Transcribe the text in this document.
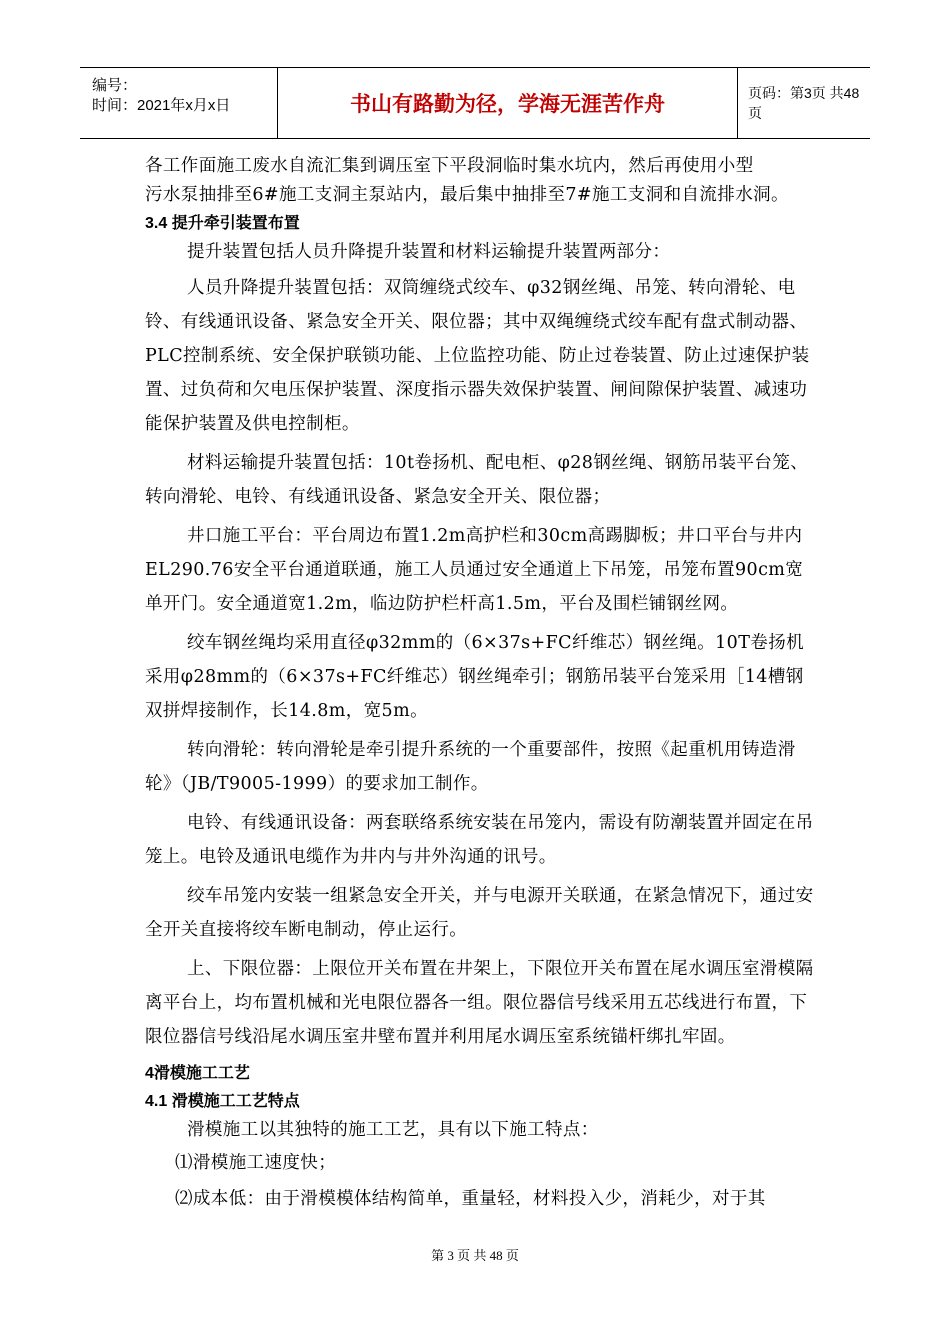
编号：
时间：2021年x月x日	书山有路勤为径，学海无涯苦作舟	页码：第3页 共48页

各工作面施工废水自流汇集到调压室下平段洞临时集水坑内，然后再使用小型

污水泵抽排至6#施工支洞主泵站内，最后集中抽排至7#施工支洞和自流排水洞。

3.4 提升牵引装置布置

提升装置包括人员升降提升装置和材料运输提升装置两部分：

人员升降提升装置包括：双筒缠绕式绞车、φ32钢丝绳、吊笼、转向滑轮、电铃、有线通讯设备、紧急安全开关、限位器；其中双绳缠绕式绞车配有盘式制动器、PLC控制系统、安全保护联锁功能、上位监控功能、防止过卷装置、防止过速保护装置、过负荷和欠电压保护装置、深度指示器失效保护装置、闸间隙保护装置、减速功能保护装置及供电控制柜。

材料运输提升装置包括：10t卷扬机、配电柜、φ28钢丝绳、钢筋吊装平台笼、转向滑轮、电铃、有线通讯设备、紧急安全开关、限位器；

井口施工平台：平台周边布置1.2m高护栏和30cm高踢脚板；井口平台与井内EL290.76安全平台通道联通，施工人员通过安全通道上下吊笼，吊笼布置90cm宽单开门。安全通道宽1.2m，临边防护栏杆高1.5m，平台及围栏铺钢丝网。

绞车钢丝绳均采用直径φ32mm的（6×37s+FC纤维芯）钢丝绳。10T卷扬机采用φ28mm的（6×37s+FC纤维芯）钢丝绳牵引；钢筋吊装平台笼采用［14槽钢双拼焊接制作，长14.8m，宽5m。

转向滑轮：转向滑轮是牵引提升系统的一个重要部件，按照《起重机用铸造滑轮》（JB/T9005-1999）的要求加工制作。

电铃、有线通讯设备：两套联络系统安装在吊笼内，需设有防潮装置并固定在吊笼上。电铃及通讯电缆作为井内与井外沟通的讯号。

绞车吊笼内安装一组紧急安全开关，并与电源开关联通，在紧急情况下，通过安全开关直接将绞车断电制动，停止运行。

上、下限位器：上限位开关布置在井架上，下限位开关布置在尾水调压室滑模隔离平台上，均布置机械和光电限位器各一组。限位器信号线采用五芯线进行布置，下限位器信号线沿尾水调压室井壁布置并利用尾水调压室系统锚杆绑扎牢固。

4滑模施工工艺
4.1 滑模施工工艺特点

滑模施工以其独特的施工工艺，具有以下施工特点：

⑴滑模施工速度快；
⑵成本低：由于滑模模体结构简单，重量轻，材料投入少，消耗少，对于其
第 3 页 共 48 页
